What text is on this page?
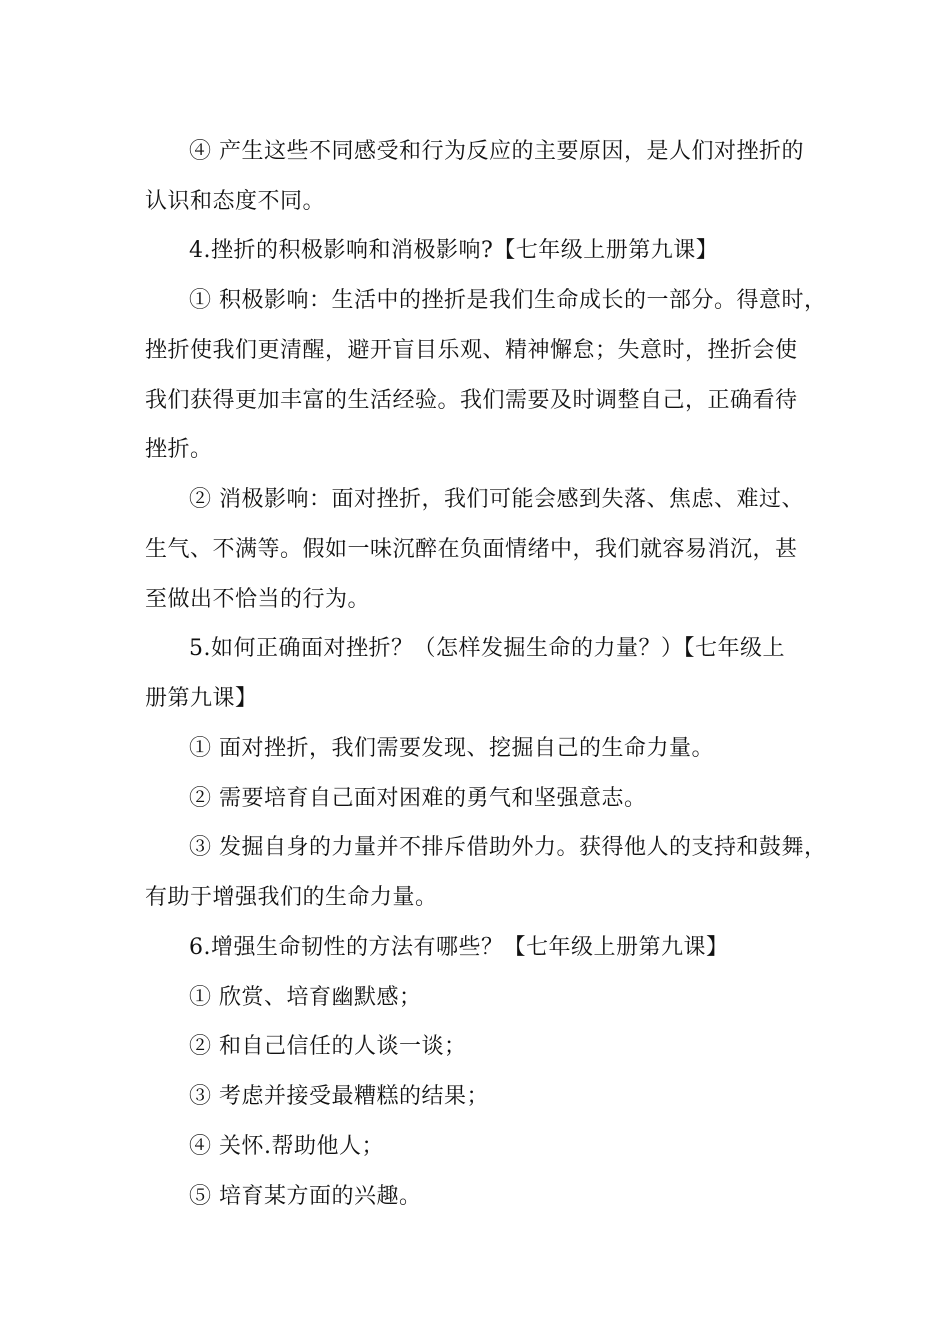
④ 产生这些不同感受和行为反应的主要原因，是人们对挫折的
认识和态度不同。
4.挫折的积极影响和消极影响?【七年级上册第九课】
① 积极影响：生活中的挫折是我们生命成长的一部分。得意时，
挫折使我们更清醒，避开盲目乐观、精神懈怠；失意时，挫折会使
我们获得更加丰富的生活经验。我们需要及时调整自己，正确看待
挫折。
② 消极影响：面对挫折，我们可能会感到失落、焦虑、难过、
生气、不满等。假如一味沉醉在负面情绪中，我们就容易消沉，甚
至做出不恰当的行为。
5.如何正确面对挫折？（怎样发掘生命的力量？）【七年级上
册第九课】
① 面对挫折，我们需要发现、挖掘自己的生命力量。
② 需要培育自己面对困难的勇气和坚强意志。
③ 发掘自身的力量并不排斥借助外力。获得他人的支持和鼓舞，
有助于增强我们的生命力量。
6.增强生命韧性的方法有哪些？【七年级上册第九课】
① 欣赏、培育幽默感；
② 和自己信任的人谈一谈；
③ 考虑并接受最糟糕的结果；
④ 关怀.帮助他人；
⑤ 培育某方面的兴趣。
